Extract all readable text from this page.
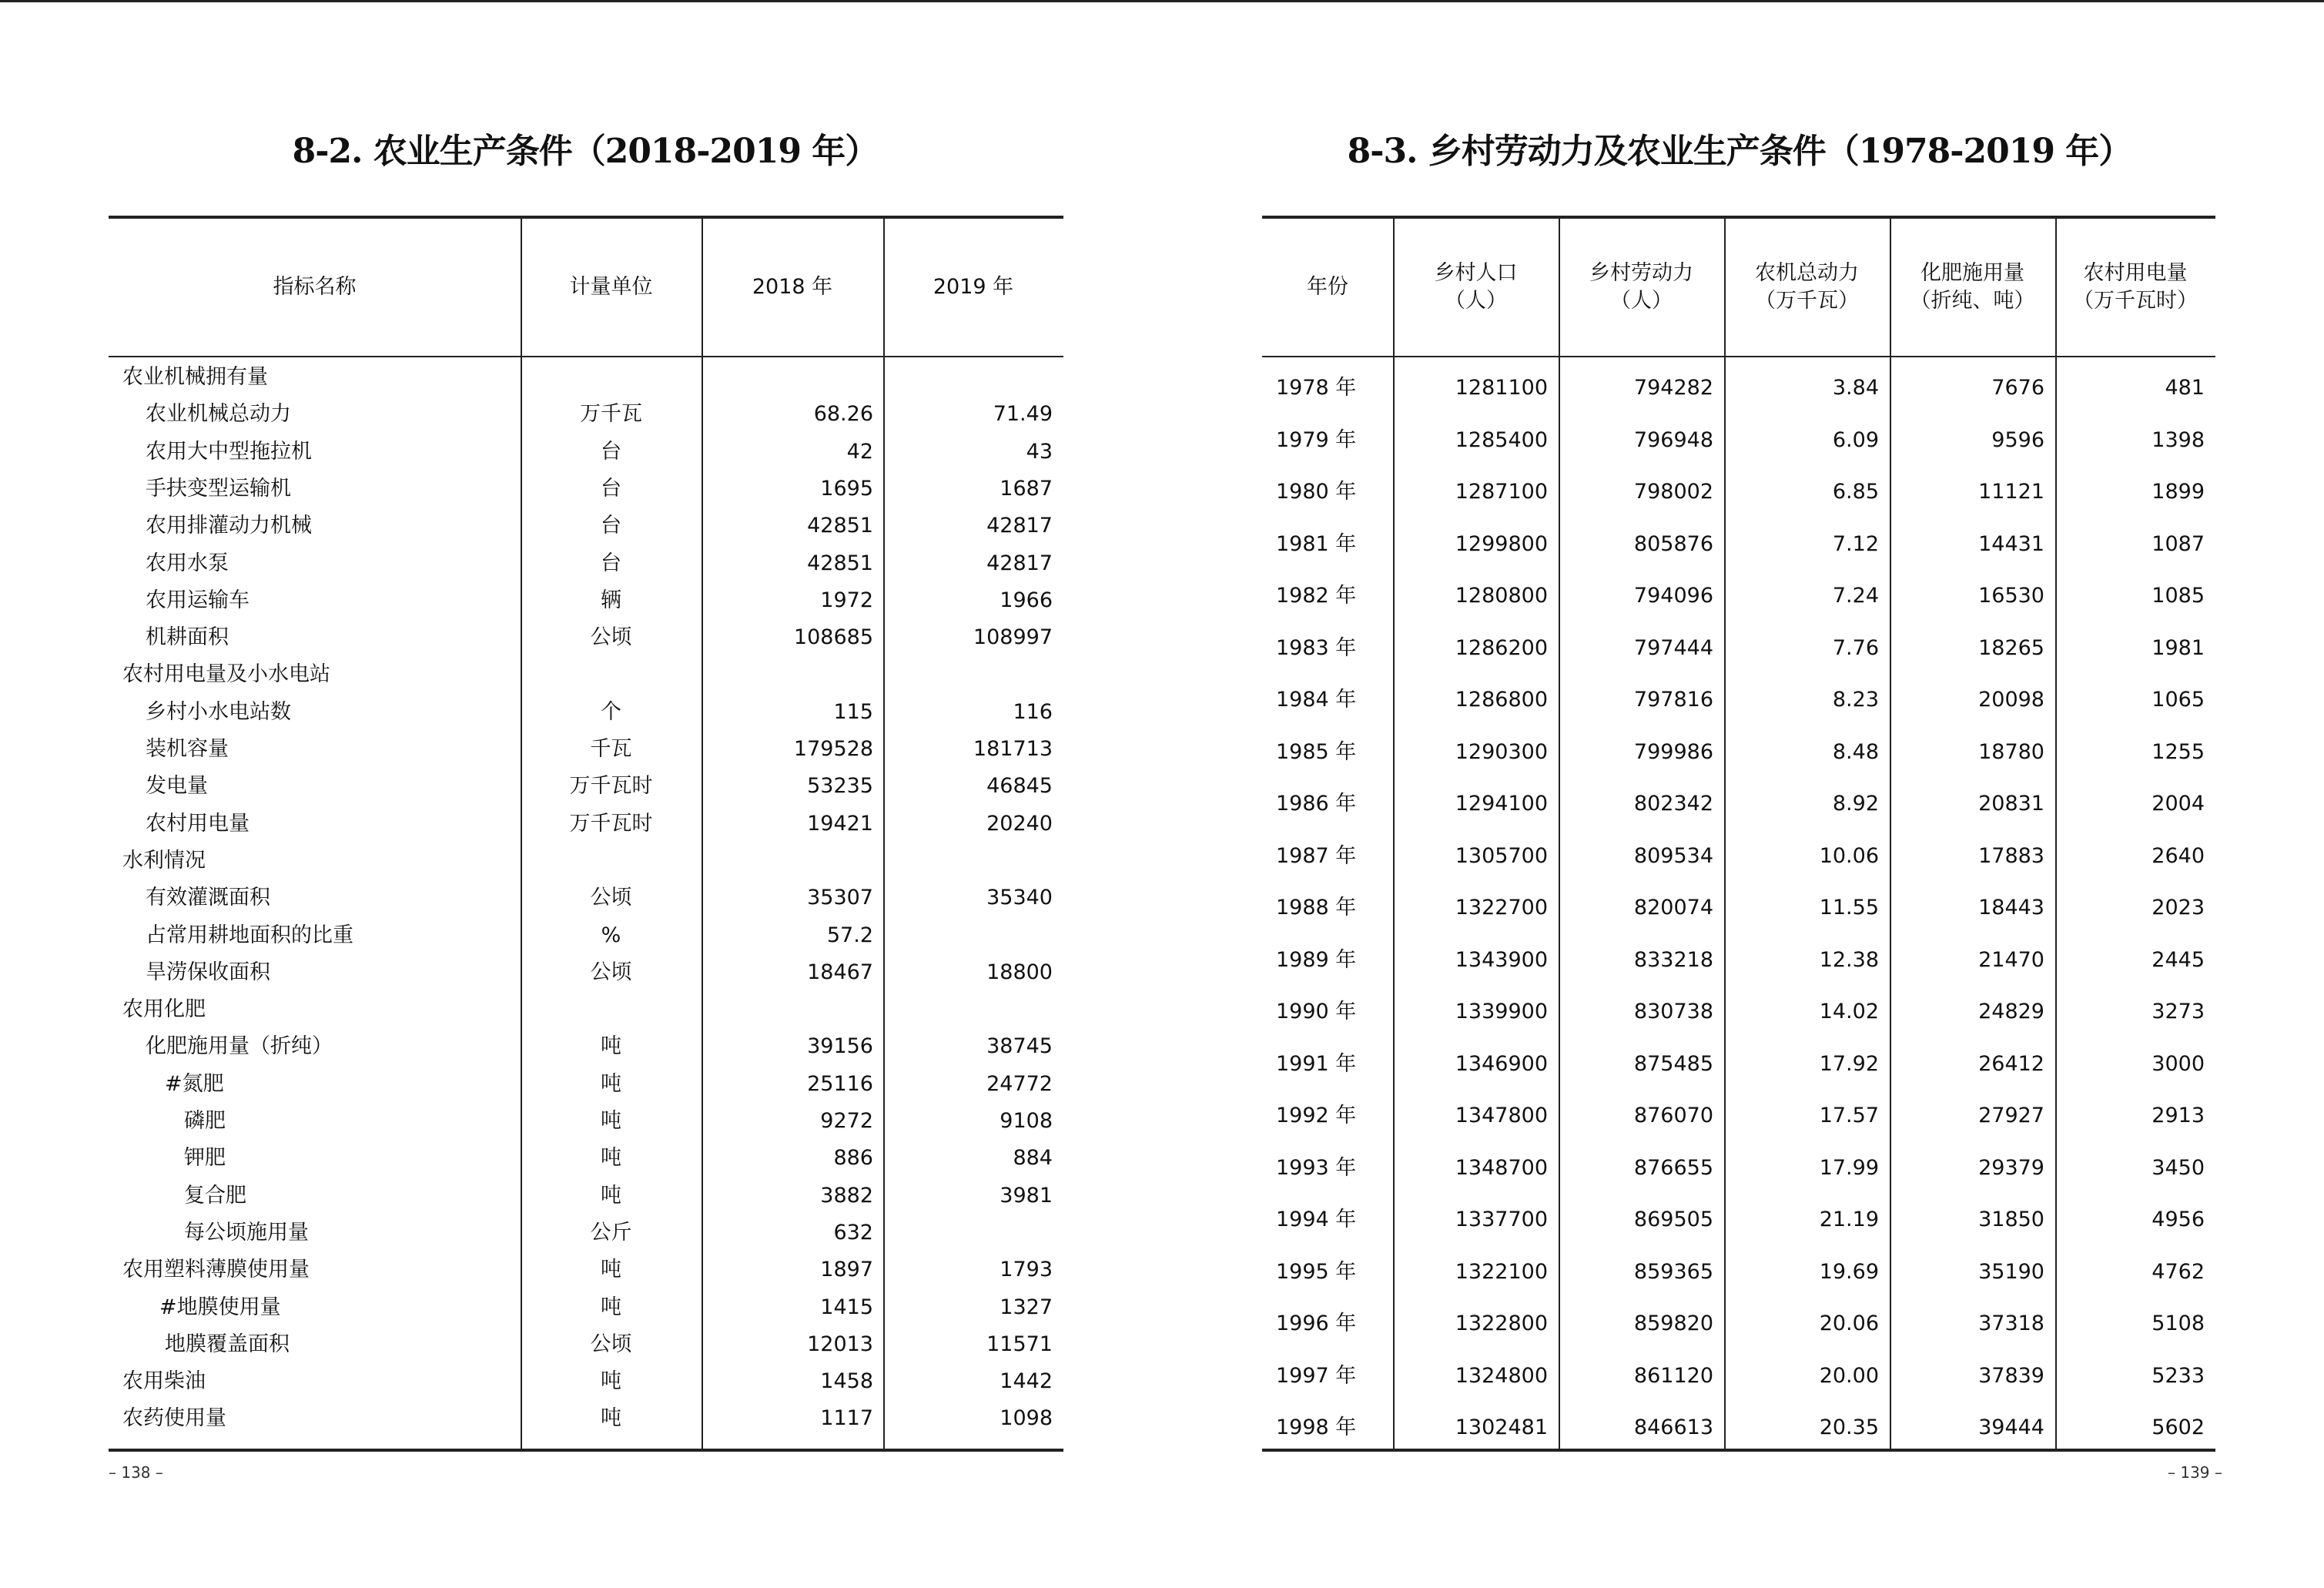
8-2. 农业生产条件（2018-2019 年）
指标名称	计量单位	2018 年	2019 年
农业机械拥有量
农业机械总动力	万千瓦	68.26	71.49
农用大中型拖拉机	台	42	43
手扶变型运输机	台	1695	1687
农用排灌动力机械	台	42851	42817
农用水泵	台	42851	42817
农用运输车	辆	1972	1966
机耕面积	公顷	108685	108997
农村用电量及小水电站
乡村小水电站数	个	115	116
装机容量	千瓦	179528	181713
发电量	万千瓦时	53235	46845
农村用电量	万千瓦时	19421	20240
水利情况
有效灌溉面积	公顷	35307	35340
占常用耕地面积的比重	%	57.2
旱涝保收面积	公顷	18467	18800
农用化肥
化肥施用量（折纯）	吨	39156	38745
#氮肥	吨	25116	24772
磷肥	吨	9272	9108
钾肥	吨	886	884
复合肥	吨	3882	3981
每公顷施用量	公斤	632
农用塑料薄膜使用量	吨	1897	1793
#地膜使用量	吨	1415	1327
地膜覆盖面积	公顷	12013	11571
农用柴油	吨	1458	1442
农药使用量	吨	1117	1098
– 138 –
8-3. 乡村劳动力及农业生产条件（1978-2019 年）
年份
乡村人口
（人）
乡村劳动力
（人）
农机总动力
（万千瓦）
化肥施用量
（折纯、吨）
农村用电量
（万千瓦时）
1978 年	1281100	794282	3.84	7676	481
1979 年	1285400	796948	6.09	9596	1398
1980 年	1287100	798002	6.85	11121	1899
1981 年	1299800	805876	7.12	14431	1087
1982 年	1280800	794096	7.24	16530	1085
1983 年	1286200	797444	7.76	18265	1981
1984 年	1286800	797816	8.23	20098	1065
1985 年	1290300	799986	8.48	18780	1255
1986 年	1294100	802342	8.92	20831	2004
1987 年	1305700	809534	10.06	17883	2640
1988 年	1322700	820074	11.55	18443	2023
1989 年	1343900	833218	12.38	21470	2445
1990 年	1339900	830738	14.02	24829	3273
1991 年	1346900	875485	17.92	26412	3000
1992 年	1347800	876070	17.57	27927	2913
1993 年	1348700	876655	17.99	29379	3450
1994 年	1337700	869505	21.19	31850	4956
1995 年	1322100	859365	19.69	35190	4762
1996 年	1322800	859820	20.06	37318	5108
1997 年	1324800	861120	20.00	37839	5233
1998 年	1302481	846613	20.35	39444	5602
– 139 –
